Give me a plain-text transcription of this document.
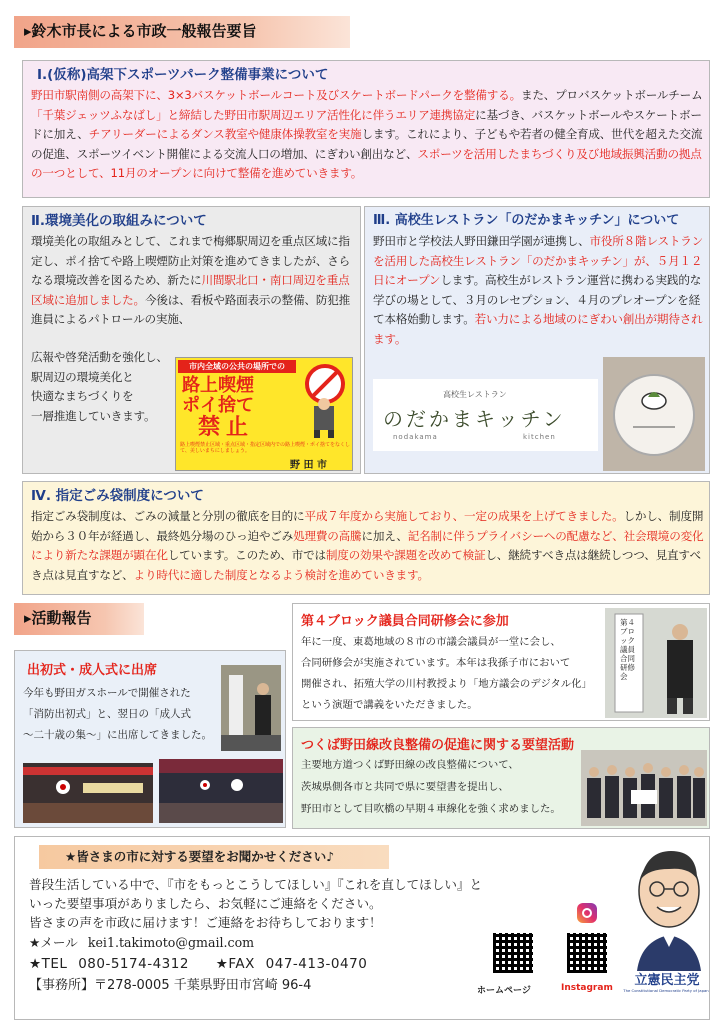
▸鈴木市長による市政一般報告要旨
Ⅰ.(仮称)高架下スポーツパーク整備事業について
野田市駅南側の高架下に、3×3バスケットボールコート及びスケートボードパークを整備する。また、プロバスケットボールチーム「千葉ジェッツふなばし」と締結した野田市駅周辺エリア活性化に伴うエリア連携協定に基づき、バスケットボールやスケートボードに加え、チアリーダーによるダンス教室や健康体操教室を実施します。これにより、子どもや若者の健全育成、世代を超えた交流の促進、スポーツイベント開催による交流人口の増加、にぎわい創出など、スポーツを活用したまちづくり及び地域振興活動の拠点の一つとして、11月のオープンに向けて整備を進めていきます。
Ⅱ.環境美化の取組みについて
環境美化の取組みとして、これまで梅郷駅周辺を重点区域に指定し、ポイ捨てや路上喫煙防止対策を進めてきましたが、さらなる環境改善を図るため、新たに川間駅北口・南口周辺を重点区域に追加しました。今後は、看板や路面表示の整備、防犯推進員によるパトロールの実施、
広報や啓発活動を強化し、
駅周辺の環境美化と
快適なまちづくりを
一層推進していきます。
市内全域の公共の場所での
路上喫煙
ポイ捨て
禁止
路上喫煙禁止区域・重点区域・指定区域内での路上喫煙・ポイ捨てをなくして、美しいまちにしましょう。
野 田 市
Ⅲ. 高校生レストラン「のだかまキッチン」について
野田市と学校法人野田鎌田学園が連携し、市役所８階レストランを活用した高校生レストラン「のだかまキッチン」が、５月１２日にオープンします。高校生がレストラン運営に携わる実践的な学びの場として、３月のレセプション、４月のプレオープンを経て本格始動します。若い力による地域のにぎわい創出が期待されます。
高校生レストラン
のだかまキッチン
nodakama	kitchen
Ⅳ. 指定ごみ袋制度について
指定ごみ袋制度は、ごみの減量と分別の徹底を目的に平成７年度から実施しており、一定の成果を上げてきました。しかし、制度開始から３０年が経過し、最終処分場のひっ迫やごみ処理費の高騰に加え、記名制に伴うプライバシーへの配慮など、社会環境の変化により新たな課題が顕在化しています。このため、市では制度の効果や課題を改めて検証し、継続すべき点は継続しつつ、見直すべき点は見直すなど、より時代に適した制度となるよう検討を進めていきます。
▸活動報告
出初式・成人式に出席
今年も野田ガスホールで開催された
「消防出初式」と、翌日の「成人式
～二十歳の集～」に出席してきました。
第４ブロック議員合同研修会に参加
年に一度、東葛地域の８市の市議会議員が一堂に会し、
合同研修会が実施されています。本年は我孫子市において
開催され、拓殖大学の川村教授より「地方議会のデジタル化」
という演題で講義をいただきました。
第４ブロック議員合同研修会
つくば野田線改良整備の促進に関する要望活動
主要地方道つくば野田線の改良整備について、
茨城県側各市と共同で県に要望書を提出し、
野田市として目吹橋の早期４車線化を強く求めました。
★皆さまの市に対する要望をお聞かせください♪
普段生活している中で、『市をもっとこうしてほしい』『これを直してほしい』と
いった要望事項がありましたら、お気軽にご連絡をください。
皆さまの声を市政に届けます！ご連絡をお待ちしております！
★メール kei1.takimoto@gmail.com
★TEL 080-5174-4312 ★FAX 047-413-0470
【事務所】〒278-0005 千葉県野田市宮崎 96-4	ホームページ	Instagram	立憲民主党
The Constitutional Democratic Party of Japan
